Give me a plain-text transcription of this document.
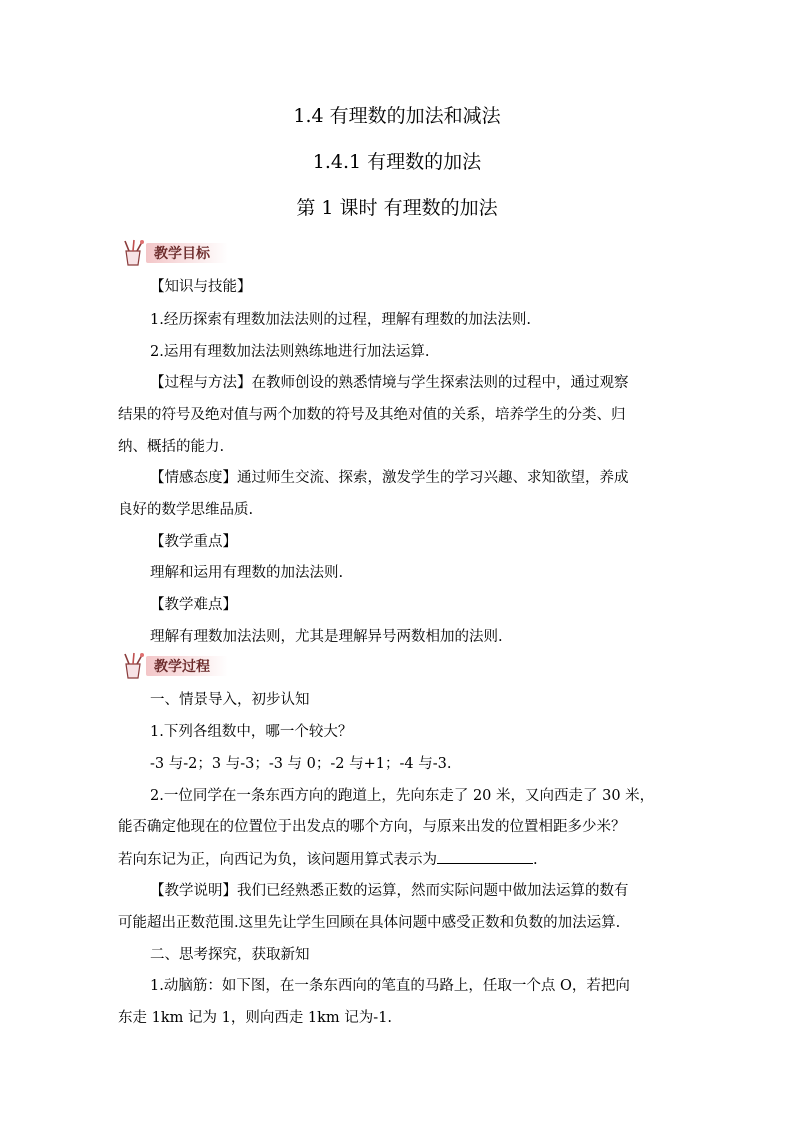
1.4 有理数的加法和减法
1.4.1 有理数的加法
第 1 课时 有理数的加法
教学目标
【知识与技能】
1.经历探索有理数加法法则的过程，理解有理数的加法法则.
2.运用有理数加法法则熟练地进行加法运算.
【过程与方法】在教师创设的熟悉情境与学生探索法则的过程中，通过观察
结果的符号及绝对值与两个加数的符号及其绝对值的关系，培养学生的分类、归
纳、概括的能力.
【情感态度】通过师生交流、探索，激发学生的学习兴趣、求知欲望，养成
良好的数学思维品质.
【教学重点】
理解和运用有理数的加法法则.
【教学难点】
理解有理数加法法则，尤其是理解异号两数相加的法则.
教学过程
一、情景导入，初步认知
1.下列各组数中，哪一个较大？
-3 与-2；3 与-3；-3 与 0；-2 与+1；-4 与-3.
2.一位同学在一条东西方向的跑道上，先向东走了 20 米，又向西走了 30 米，
能否确定他现在的位置位于出发点的哪个方向，与原来出发的位置相距多少米？
若向东记为正，向西记为负，该问题用算式表示为	.
【教学说明】我们已经熟悉正数的运算，然而实际问题中做加法运算的数有
可能超出正数范围.这里先让学生回顾在具体问题中感受正数和负数的加法运算.
二、思考探究，获取新知
1.动脑筋：如下图，在一条东西向的笔直的马路上，任取一个点 O，若把向
东走 1km 记为 1，则向西走 1km 记为-1.
